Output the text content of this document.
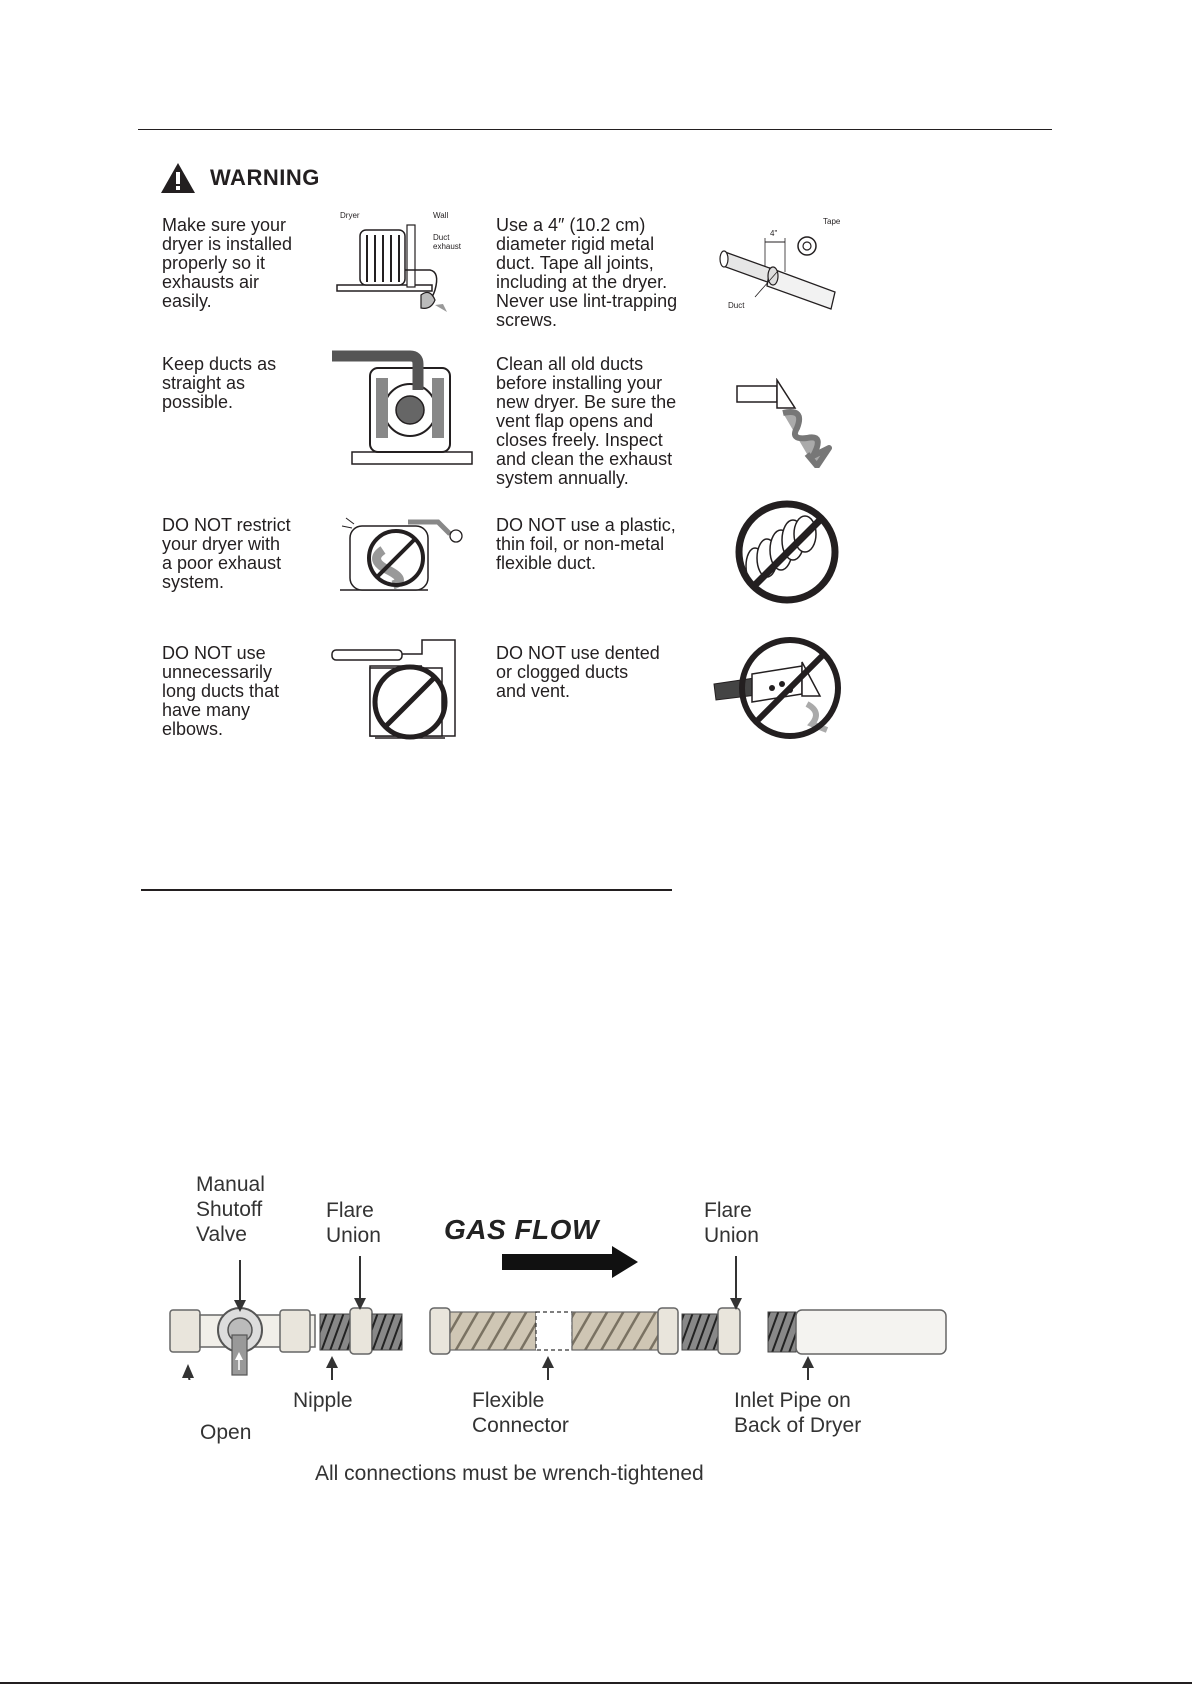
WARNING
Make sure your
dryer is installed
properly so it
exhausts air
easily.
Dryer	Wall
Duct
exhaust
Use a 4″ (10.2 cm)
diameter rigid metal
duct. Tape all joints,
including at the dryer.
Never use lint-trapping
screws.
Tape
4"
Duct
Keep ducts as
straight as
possible.
Clean all old ducts
before installing your
new dryer. Be sure the
vent flap opens and
closes freely. Inspect
and clean the exhaust
system annually.
DO NOT restrict
your dryer with
a poor exhaust
system.
DO NOT use a plastic,
thin foil, or non-metal
flexible duct.
DO NOT use
unnecessarily
long ducts that
have many
elbows.
DO NOT use dented
or clogged ducts
and vent.
Manual
Shutoff
Valve
Flare
Union GAS FLOW
Flare
Union
Nipple	Flexible
Connector
Inlet Pipe on
Back of Dryer
Open
All connections must be wrench-tightened
